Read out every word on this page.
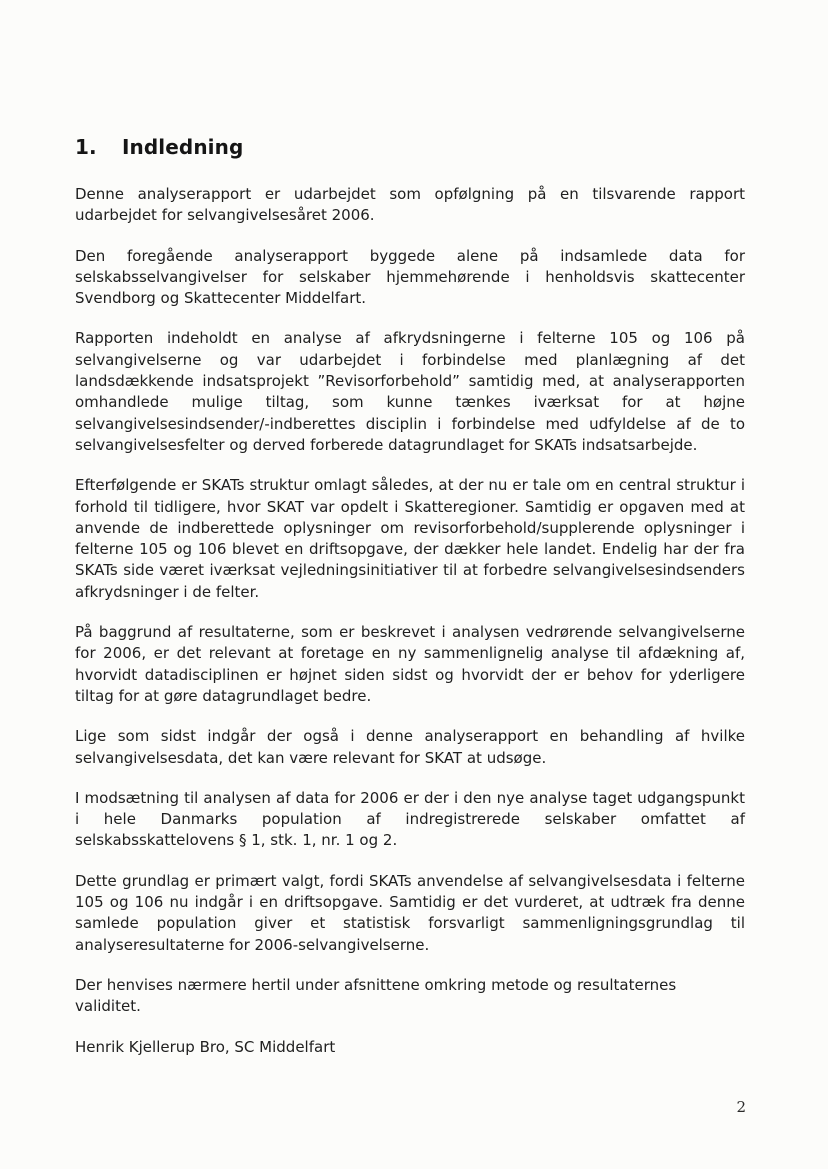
1. Indledning

Denne analyserapport er udarbejdet som opfølgning på en tilsvarende rapport udarbejdet for selvangivelsesåret 2006.

Den foregående analyserapport byggede alene på indsamlede data for selskabsselvangivelser for selskaber hjemmehørende i henholdsvis skattecenter Svendborg og Skattecenter Middelfart.

Rapporten indeholdt en analyse af afkrydsningerne i felterne 105 og 106 på selvangivelserne og var udarbejdet i forbindelse med planlægning af det landsdækkende indsatsprojekt ”Revisorforbehold” samtidig med, at analyserapporten omhandlede mulige tiltag, som kunne tænkes iværksat for at højne selvangivelsesindsender/-indberettes disciplin i forbindelse med udfyldelse af de to selvangivelsesfelter og derved forberede datagrundlaget for SKATs indsatsarbejde.

Efterfølgende er SKATs struktur omlagt således, at der nu er tale om en central struktur i forhold til tidligere, hvor SKAT var opdelt i Skatteregioner. Samtidig er opgaven med at anvende de indberettede oplysninger om revisorforbehold/supplerende oplysninger i felterne 105 og 106 blevet en driftsopgave, der dækker hele landet. Endelig har der fra SKATs side været iværksat vejledningsinitiativer til at forbedre selvangivelsesindsenders afkrydsninger i de felter.

På baggrund af resultaterne, som er beskrevet i analysen vedrørende selvangivelserne for 2006, er det relevant at foretage en ny sammenlignelig analyse til afdækning af, hvorvidt datadisciplinen er højnet siden sidst og hvorvidt der er behov for yderligere tiltag for at gøre datagrundlaget bedre.

Lige som sidst indgår der også i denne analyserapport en behandling af hvilke selvangivelsesdata, det kan være relevant for SKAT at udsøge.

I modsætning til analysen af data for 2006 er der i den nye analyse taget udgangspunkt i hele Danmarks population af indregistrerede selskaber omfattet af selskabsskattelovens § 1, stk. 1, nr. 1 og 2.

Dette grundlag er primært valgt, fordi SKATs anvendelse af selvangivelsesdata i felterne 105 og 106 nu indgår i en driftsopgave. Samtidig er det vurderet, at udtræk fra denne samlede population giver et statistisk forsvarligt sammenligningsgrundlag til analyseresultaterne for 2006-selvangivelserne.

Der henvises nærmere hertil under afsnittene omkring metode og resultaternes validitet.

Henrik Kjellerup Bro, SC Middelfart

2
